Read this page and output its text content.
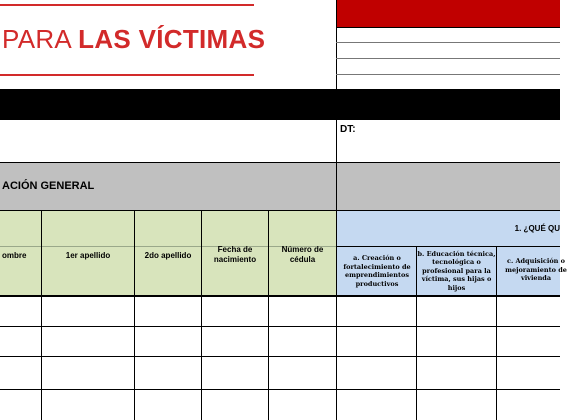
PARA LAS VÍCTIMAS
DT:
ACIÓN GENERAL
ombre	1er apellido	2do apellido
Fecha de nacimiento
Número de cédula
1. ¿QUÉ QU
a. Creación o fortalecimiento de emprendimientos productivos
b. Educación técnica, tecnológica o profesional para la víctima, sus hijas o hijos
c. Adquisición o mejoramiento de vivienda
